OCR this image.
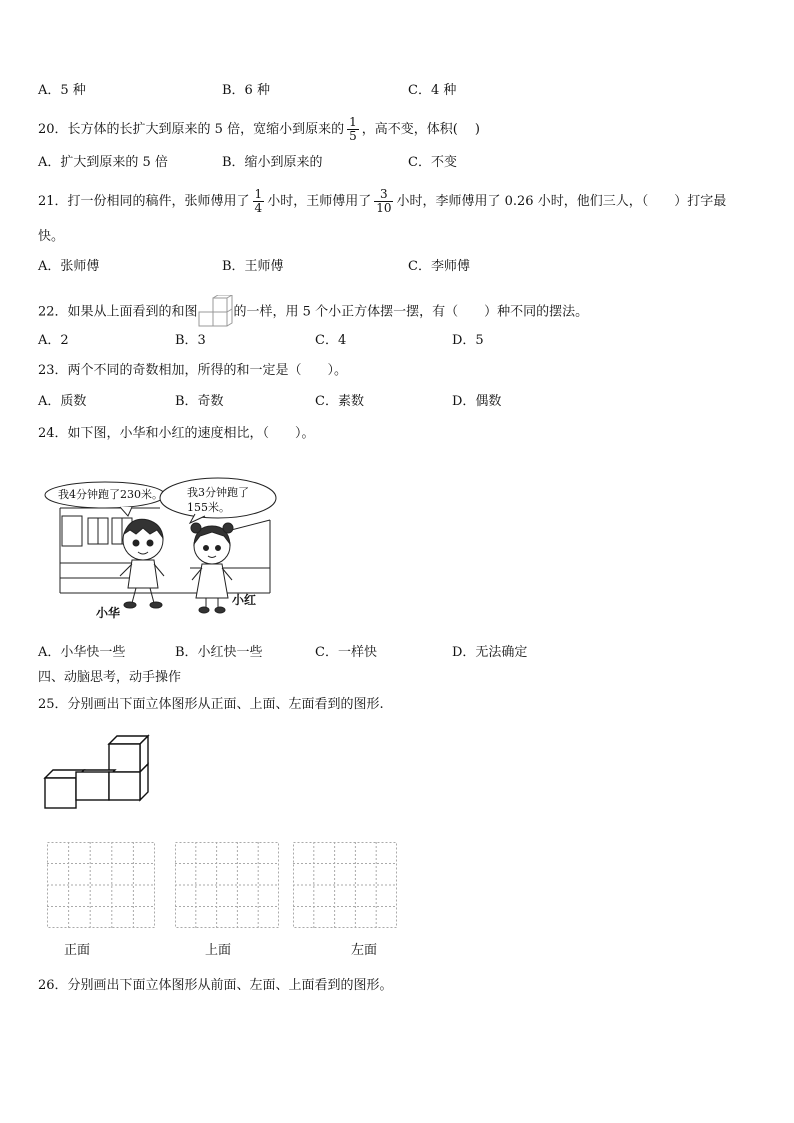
A．5 种	B．6 种	C．4 种
20．长方体的长扩大到原来的 5 倍，宽缩小到原来的 $\frac{1}{5}$ ，高不变，体积(　 )
A．扩大到原来的 5 倍	B．缩小到原来的	C．不变
21．打一份相同的稿件，张师傅用了 $\frac{1}{4}$ 小时，王师傅用了 $\frac{3}{10}$ 小时，李师傅用了 0.26 小时，他们三人，（　　）打字最
快。
A．张师傅	B．王师傅	C．李师傅
22．如果从上面看到的和图	的一样，用 5 个小正方体摆一摆，有（　　）种不同的摆法。
A．2	B．3	C．4	D．5
23．两个不同的奇数相加，所得的和一定是（　　）。
A．质数	B．奇数	C．素数	D．偶数
24．如下图，小华和小红的速度相比，（　　）。
我4分钟跑了230米。 我3分钟跑了
155米。
小华
小红
A．小华快一些	B．小红快一些	C．一样快	D．无法确定
四、动脑思考，动手操作
25．分别画出下面立体图形从正面、上面、左面看到的图形.
正面	上面	左面
26．分别画出下面立体图形从前面、左面、上面看到的图形。
